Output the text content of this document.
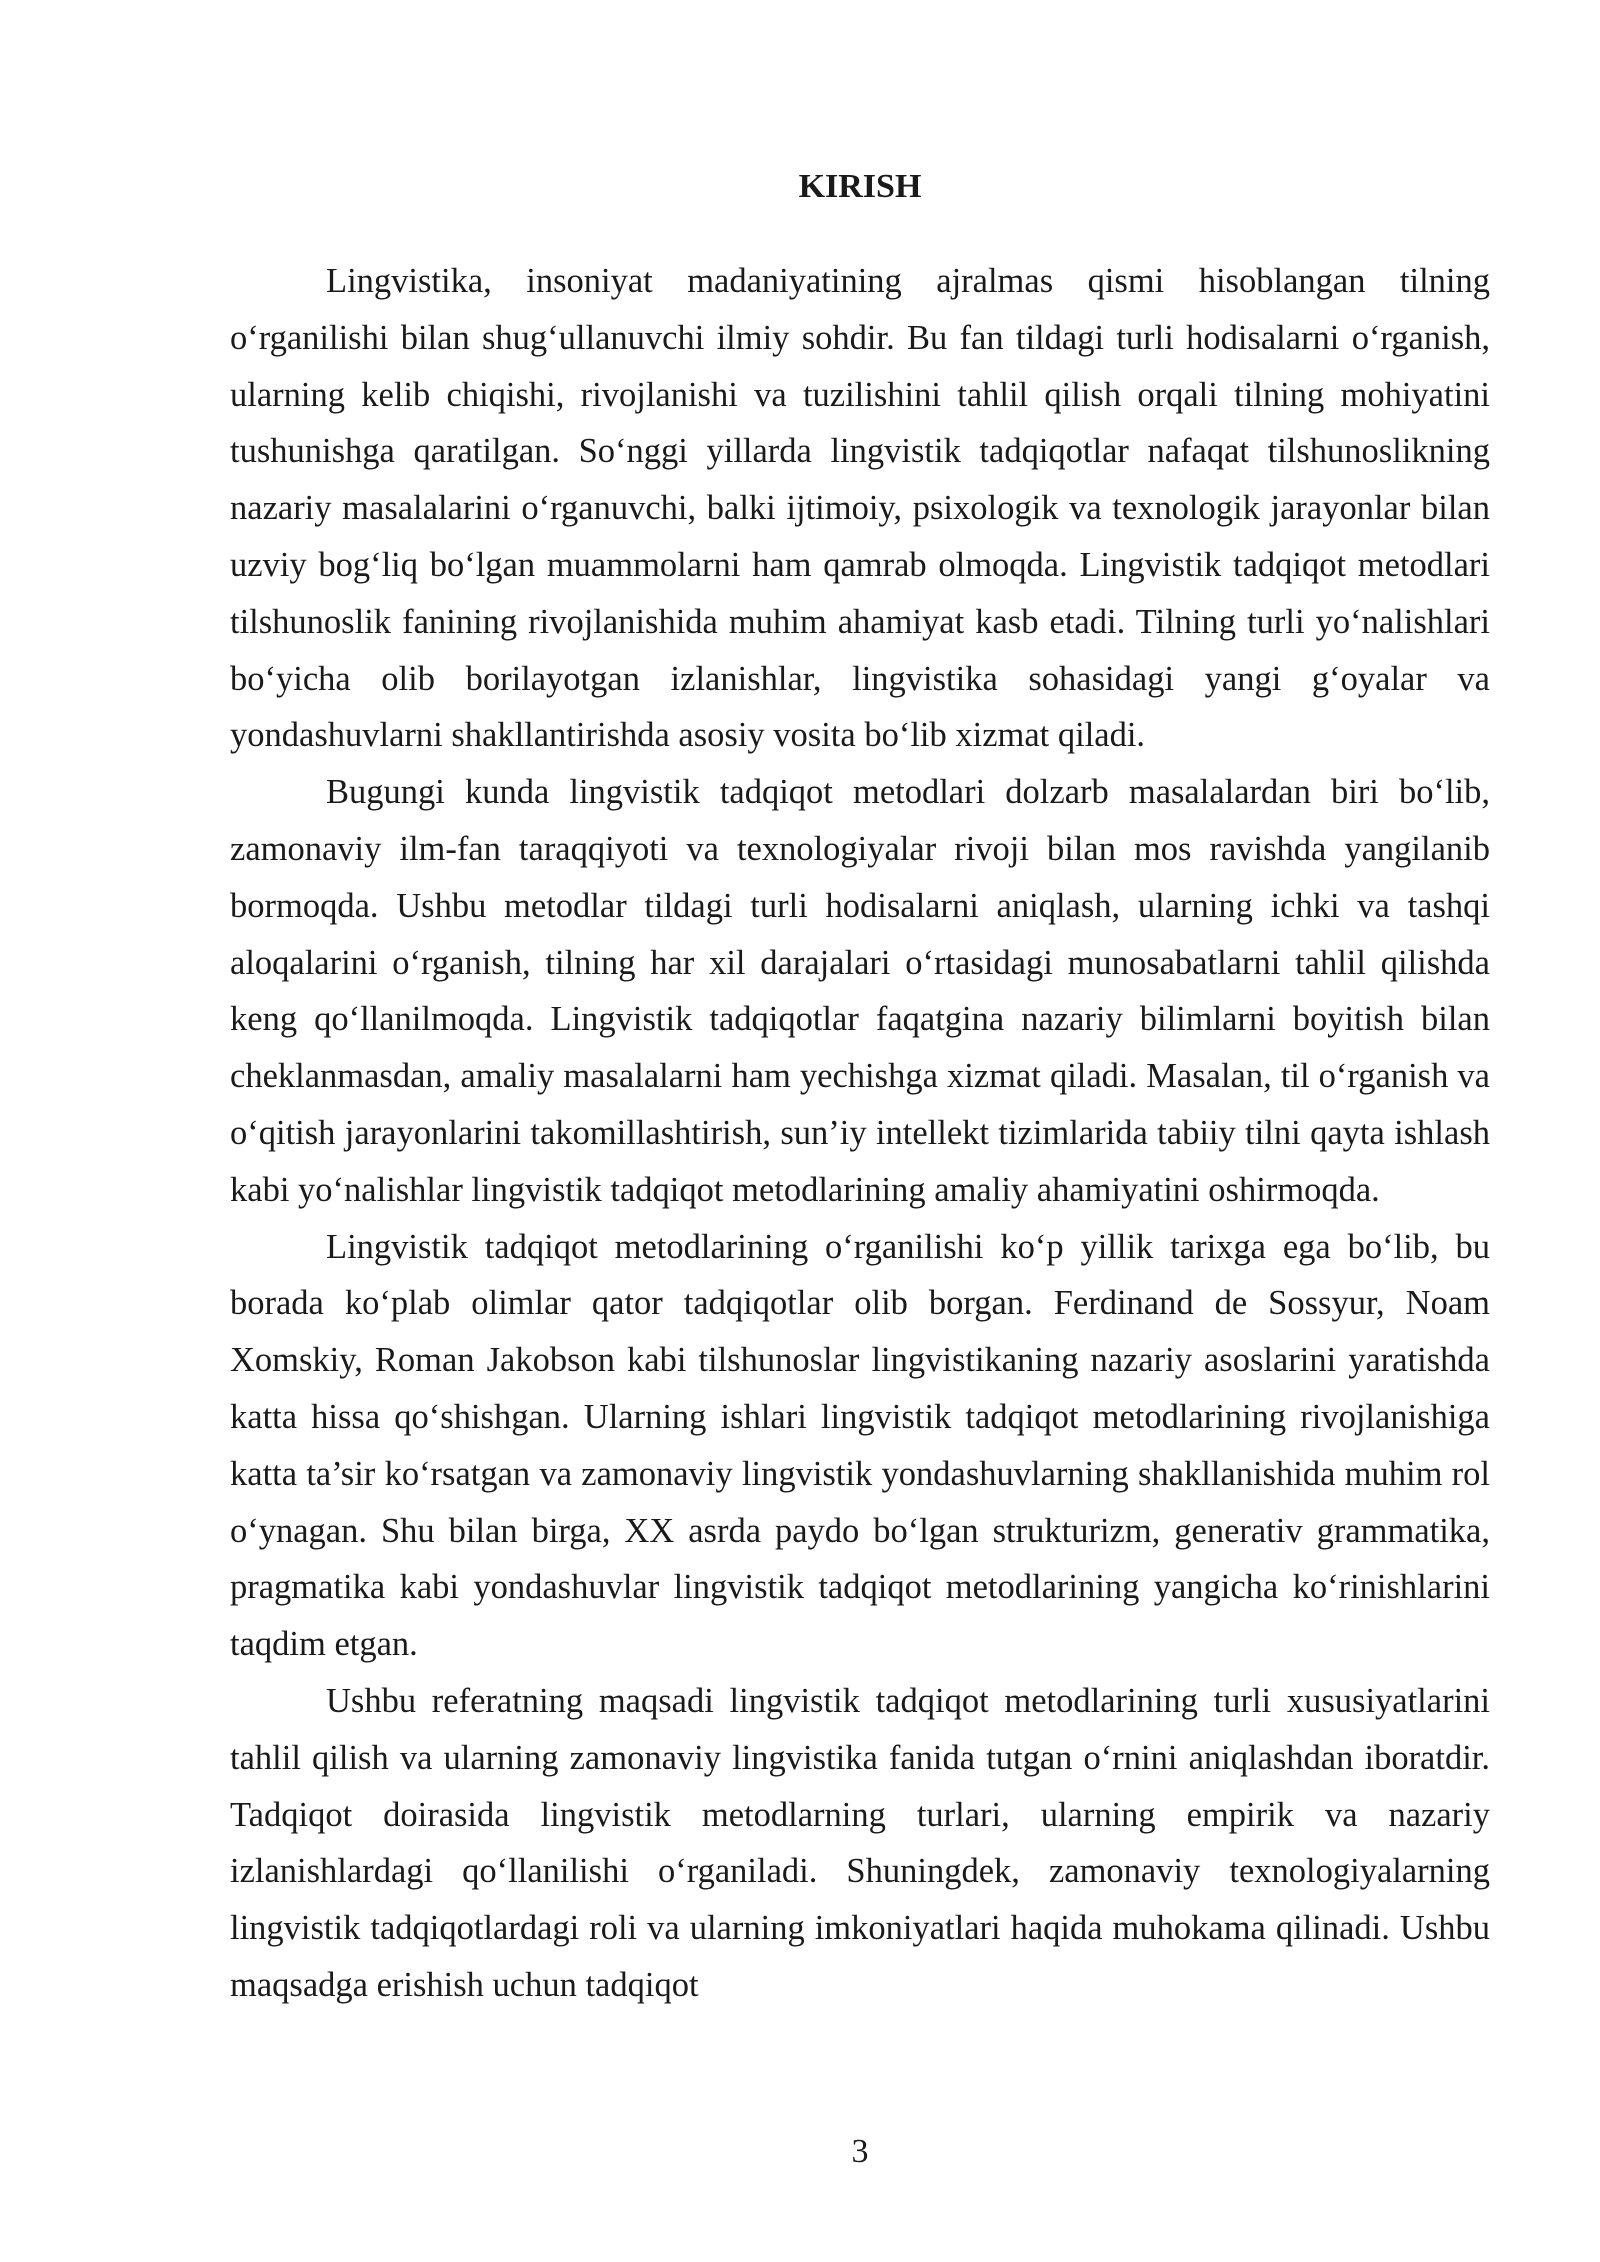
KIRISH

Lingvistika, insoniyat madaniyatining ajralmas qismi hisoblangan tilning o‘rganilishi bilan shug‘ullanuvchi ilmiy sohdir. Bu fan tildagi turli hodisalarni o‘rganish, ularning kelib chiqishi, rivojlanishi va tuzilishini tahlil qilish orqali tilning mohiyatini tushunishga qaratilgan. So‘nggi yillarda lingvistik tadqiqotlar nafaqat tilshunoslikning nazariy masalalarini o‘rganuvchi, balki ijtimoiy, psixologik va texnologik jarayonlar bilan uzviy bog‘liq bo‘lgan muammolarni ham qamrab olmoqda. Lingvistik tadqiqot metodlari tilshunoslik fanining rivojlanishida muhim ahamiyat kasb etadi. Tilning turli yo‘nalishlari bo‘yicha olib borilayotgan izlanishlar, lingvistika sohasidagi yangi g‘oyalar va yondashuvlarni shakllantirishda asosiy vosita bo‘lib xizmat qiladi.

Bugungi kunda lingvistik tadqiqot metodlari dolzarb masalalardan biri bo‘lib, zamonaviy ilm-fan taraqqiyoti va texnologiyalar rivoji bilan mos ravishda yangilanib bormoqda. Ushbu metodlar tildagi turli hodisalarni aniqlash, ularning ichki va tashqi aloqalarini o‘rganish, tilning har xil darajalari o‘rtasidagi munosabatlarni tahlil qilishda keng qo‘llanilmoqda. Lingvistik tadqiqotlar faqatgina nazariy bilimlarni boyitish bilan cheklanmasdan, amaliy masalalarni ham yechishga xizmat qiladi. Masalan, til o‘rganish va o‘qitish jarayonlarini takomillashtirish, sun’iy intellekt tizimlarida tabiiy tilni qayta ishlash kabi yo‘nalishlar lingvistik tadqiqot metodlarining amaliy ahamiyatini oshirmoqda.

Lingvistik tadqiqot metodlarining o‘rganilishi ko‘p yillik tarixga ega bo‘lib, bu borada ko‘plab olimlar qator tadqiqotlar olib borgan. Ferdinand de Sossyur, Noam Xomskiy, Roman Jakobson kabi tilshunoslar lingvistikaning nazariy asoslarini yaratishda katta hissa qo‘shishgan. Ularning ishlari lingvistik tadqiqot metodlarining rivojlanishiga katta ta’sir ko‘rsatgan va zamonaviy lingvistik yondashuvlarning shakllanishida muhim rol o‘ynagan. Shu bilan birga, XX asrda paydo bo‘lgan strukturizm, generativ grammatika, pragmatika kabi yondashuvlar lingvistik tadqiqot metodlarining yangicha ko‘rinishlarini taqdim etgan.

Ushbu referatning maqsadi lingvistik tadqiqot metodlarining turli xususiyatlarini tahlil qilish va ularning zamonaviy lingvistika fanida tutgan o‘rnini aniqlashdan iboratdir. Tadqiqot doirasida lingvistik metodlarning turlari, ularning empirik va nazariy izlanishlardagi qo‘llanilishi o‘rganiladi. Shuningdek, zamonaviy texnologiyalarning lingvistik tadqiqotlardagi roli va ularning imkoniyatlari haqida muhokama qilinadi. Ushbu maqsadga erishish uchun tadqiqot

3
